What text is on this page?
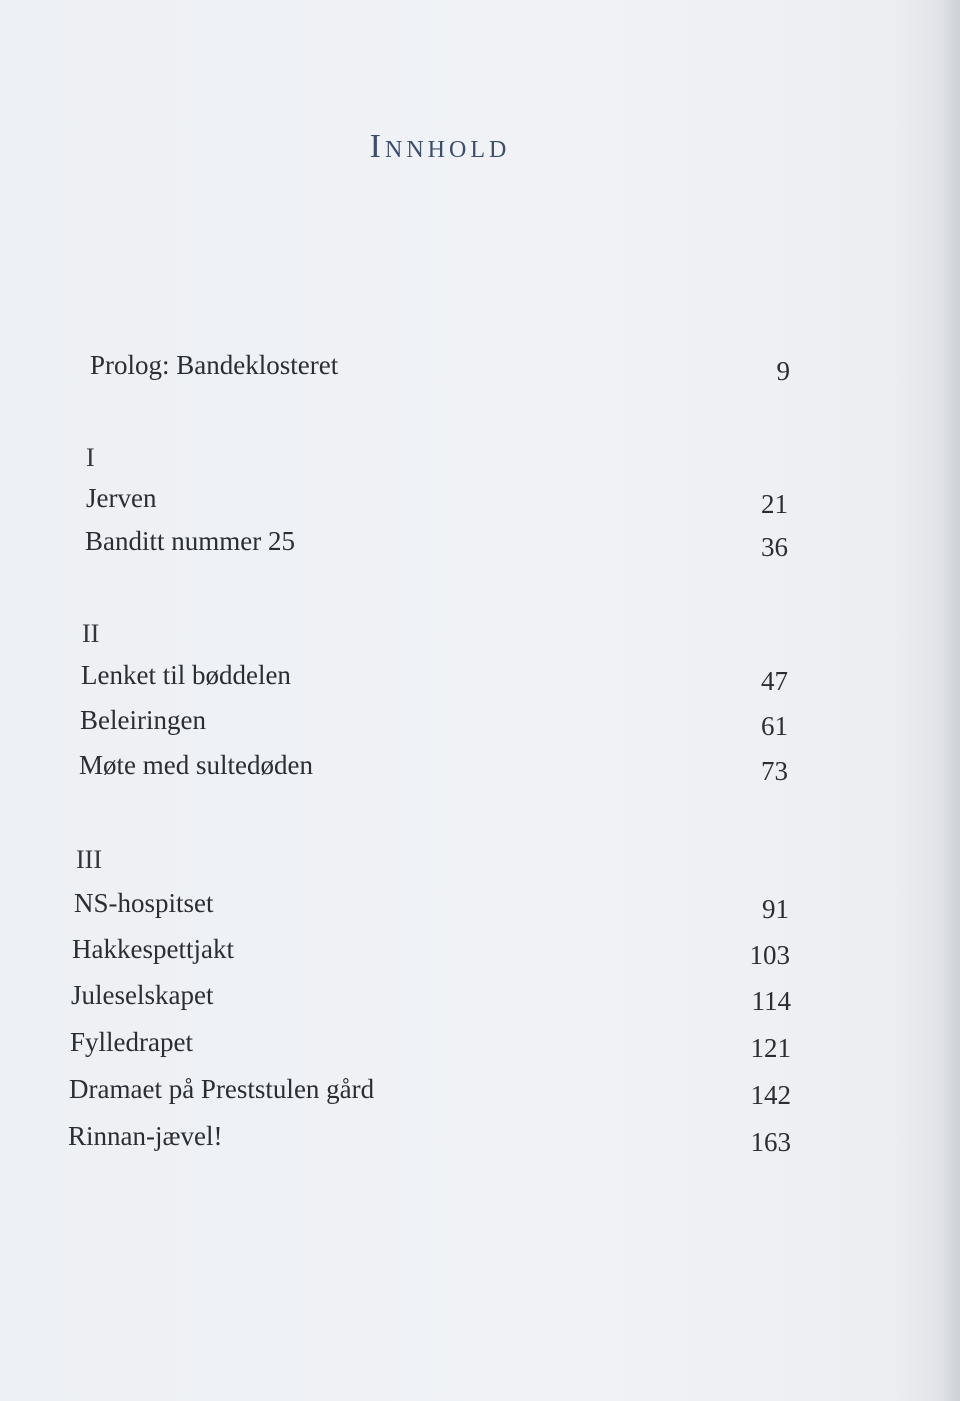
Innhold
Prolog: Bandeklosteret	9
I
Jerven	21
Banditt nummer 25	36
II
Lenket til bøddelen	47
Beleiringen	61
Møte med sultedøden	73
III
NS-hospitset	91
Hakkespettjakt	103
Juleselskapet	114
Fylledrapet	121
Dramaet på Preststulen gård	142
Rinnan-jævel!	163
